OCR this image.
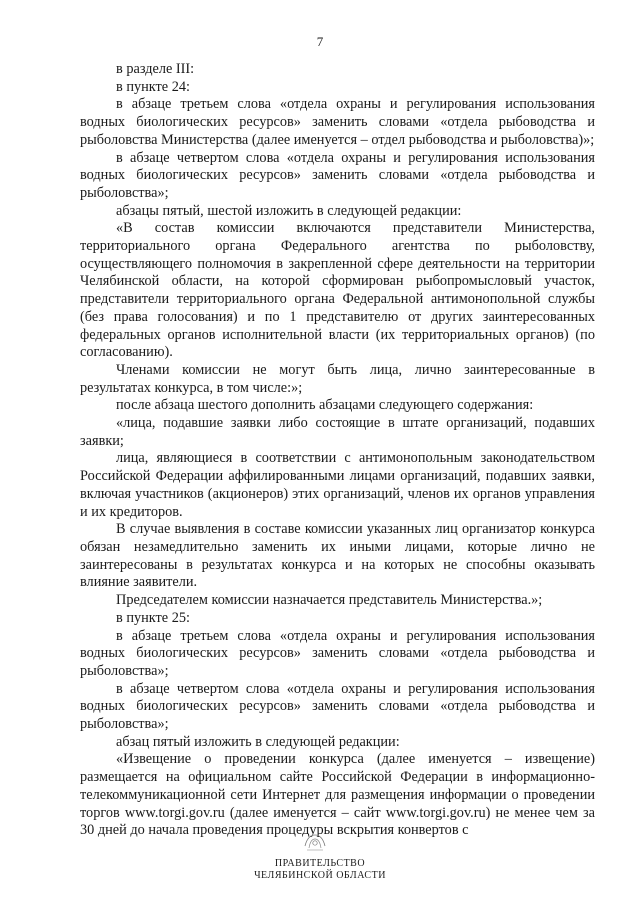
7

в разделе III:

в пункте 24:

в абзаце третьем слова «отдела охраны и регулирования использования водных биологических ресурсов» заменить словами «отдела рыбоводства и рыболовства Министерства (далее именуется – отдел рыбоводства и рыболовства)»;

в абзаце четвертом слова «отдела охраны и регулирования использования водных биологических ресурсов» заменить словами «отдела рыбоводства и рыболовства»;

абзацы пятый, шестой изложить в следующей редакции:

«В состав комиссии включаются представители Министерства, территориального органа Федерального агентства по рыболовству, осуществляющего полномочия в закрепленной сфере деятельности на территории Челябинской области, на которой сформирован рыбопромысловый участок, представители территориального органа Федеральной антимонопольной службы (без права голосования) и по 1 представителю от других заинтересованных федеральных органов исполнительной власти (их территориальных органов) (по согласованию).

Членами комиссии не могут быть лица, лично заинтересованные в результатах конкурса, в том числе:»;

после абзаца шестого дополнить абзацами следующего содержания:

«лица, подавшие заявки либо состоящие в штате организаций, подавших заявки;

лица, являющиеся в соответствии с антимонопольным законодательством Российской Федерации аффилированными лицами организаций, подавших заявки, включая участников (акционеров) этих организаций, членов их органов управления и их кредиторов.

В случае выявления в составе комиссии указанных лиц организатор конкурса обязан незамедлительно заменить их иными лицами, которые лично не заинтересованы в результатах конкурса и на которых не способны оказывать влияние заявители.

Председателем комиссии назначается представитель Министерства.»;

в пункте 25:

в абзаце третьем слова «отдела охраны и регулирования использования водных биологических ресурсов» заменить словами «отдела рыбоводства и рыболовства»;

в абзаце четвертом слова «отдела охраны и регулирования использования водных биологических ресурсов» заменить словами «отдела рыбоводства и рыболовства»;

абзац пятый изложить в следующей редакции:

«Извещение о проведении конкурса (далее именуется – извещение) размещается на официальном сайте Российской Федерации в информационно-телекоммуникационной сети Интернет для размещения информации о проведении торгов www.torgi.gov.ru (далее именуется – сайт www.torgi.gov.ru) не менее чем за 30 дней до начала проведения процедуры вскрытия конвертов с

ПРАВИТЕЛЬСТВО
ЧЕЛЯБИНСКОЙ ОБЛАСТИ
